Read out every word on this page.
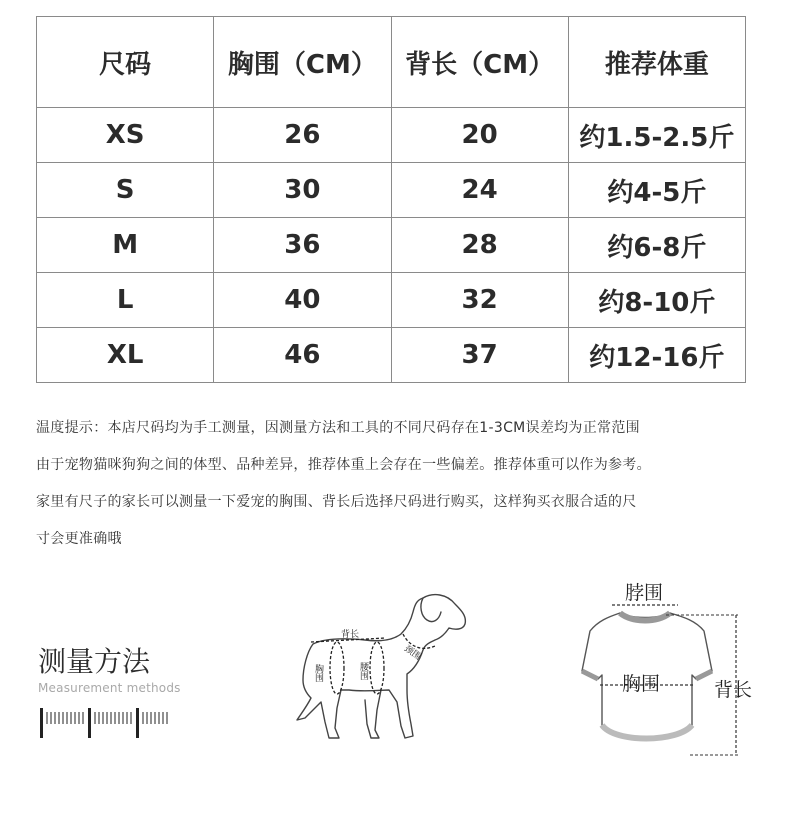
尺码	胸围（CM）	背长（CM）	推荐体重
XS	26	20	约1.5-2.5斤
S	30	24	约4-5斤
M	36	28	约6-8斤
L	40	32	约8-10斤
XL	46	37	约12-16斤
温度提示：本店尺码均为手工测量，因测量方法和工具的不同尺码存在1-3CM误差均为正常范围
由于宠物猫咪狗狗之间的体型、品种差异，推荐体重上会存在一些偏差。推荐体重可以作为参考。
家里有尺子的家长可以测量一下爱宠的胸围、背长后选择尺码进行购买，这样狗买衣服合适的尺
寸会更准确哦
测量方法
Measurement methods
背长
胸围	腰围
颈围
脖围
胸围	背长
